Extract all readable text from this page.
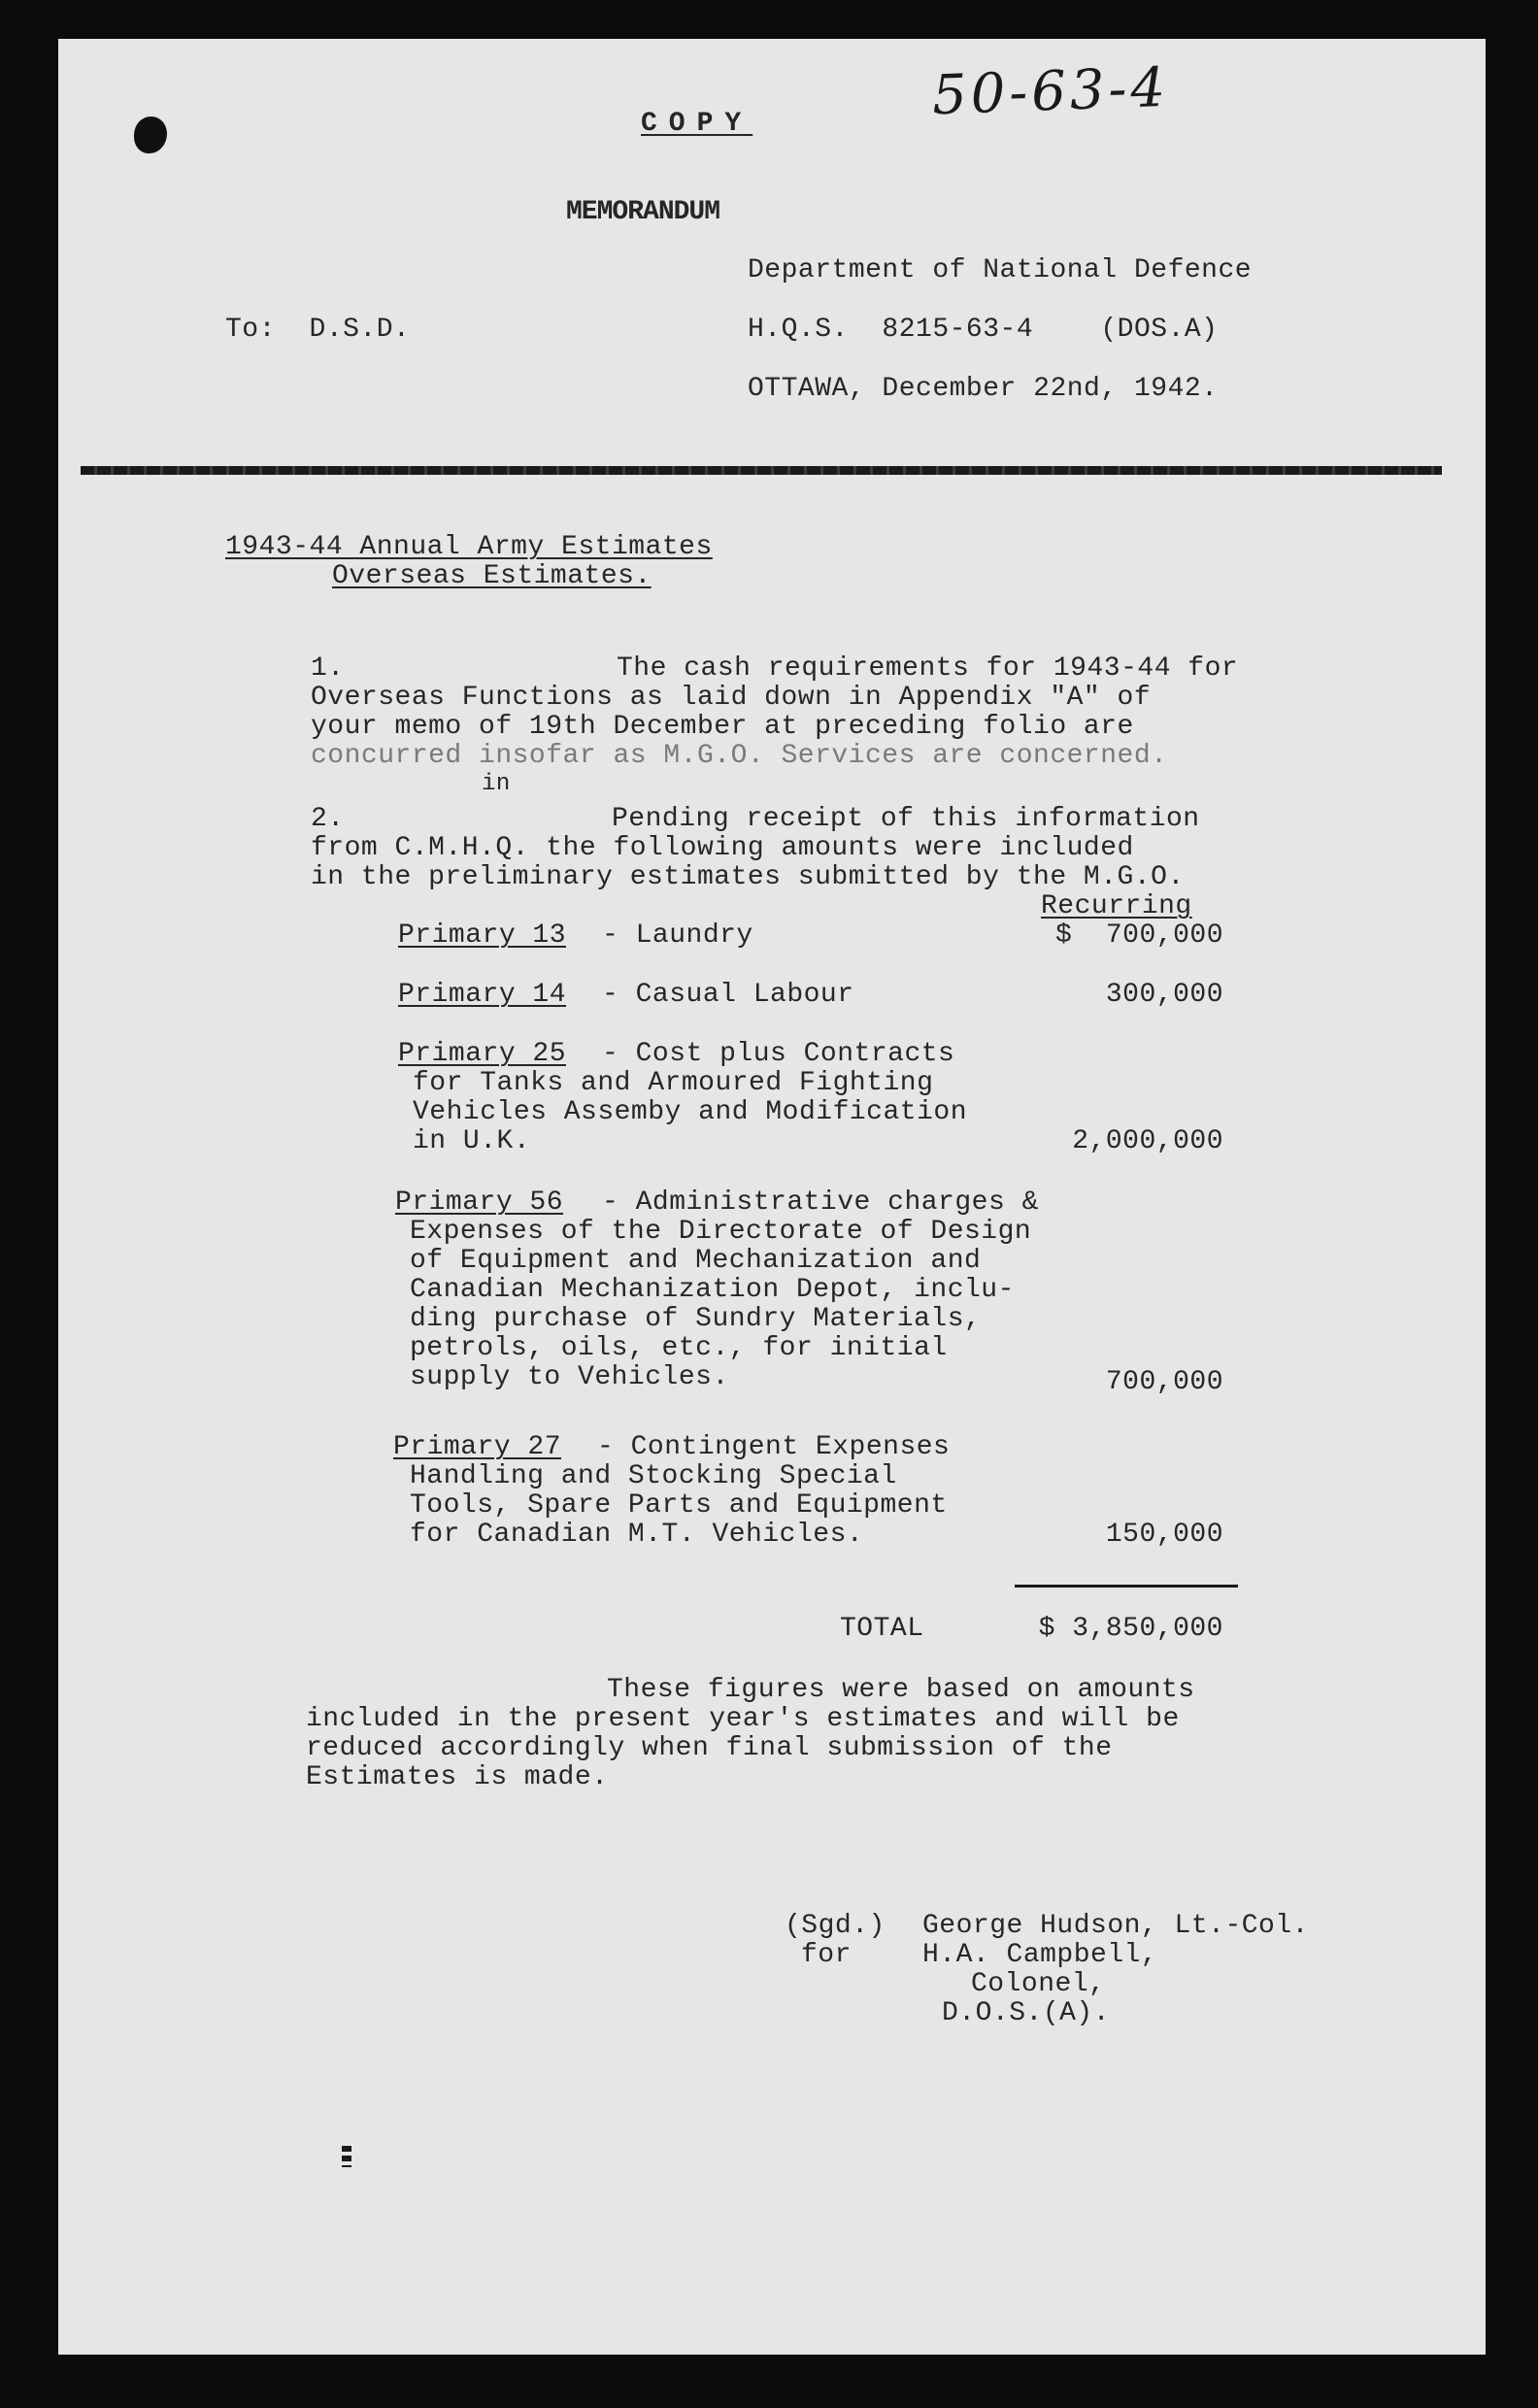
50-63-4
COPY
MEMORANDUM
Department of National Defence
To:  D.S.D.	H.Q.S.  8215-63-4    (DOS.A)
OTTAWA, December 22nd, 1942.
1943-44 Annual Army Estimates
Overseas Estimates.
1.	The cash requirements for 1943-44 for
Overseas Functions as laid down in Appendix "A" of
your memo of 19th December at preceding folio are
concurred insofar as M.G.O. Services are concerned.
in
2.	Pending receipt of this information
from C.M.H.Q. the following amounts were included
in the preliminary estimates submitted by the M.G.O.
Recurring
Primary 13 - Laundry	$  700,000
Primary 14 - Casual Labour	300,000
Primary 25 - Cost plus Contracts
for Tanks and Armoured Fighting
Vehicles Assemby and Modification
in U.K.	2,000,000
Primary 56 - Administrative charges &
Expenses of the Directorate of Design
of Equipment and Mechanization and
Canadian Mechanization Depot, inclu-
ding purchase of Sundry Materials,
petrols, oils, etc., for initial
supply to Vehicles.	700,000
Primary 27 - Contingent Expenses
Handling and Stocking Special
Tools, Spare Parts and Equipment
for Canadian M.T. Vehicles.	150,000
TOTAL	$ 3,850,000
These figures were based on amounts
included in the present year's estimates and will be
reduced accordingly when final submission of the
Estimates is made.
(Sgd.) George Hudson, Lt.-Col.
for	H.A. Campbell,
Colonel,
D.O.S.(A).
